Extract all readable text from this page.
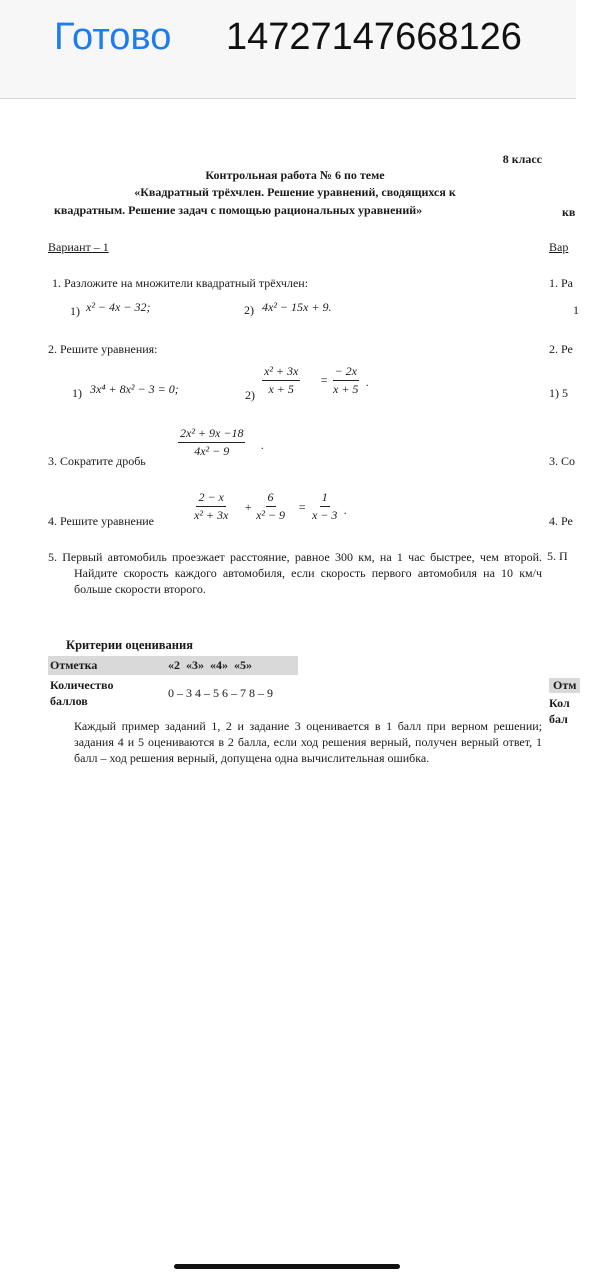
Готово 14727147668126
8 класс
Контрольная работа № 6 по теме
«Квадратный трёхчлен. Решение уравнений, сводящихся к
квадратным. Решение задач с помощью рациональных уравнений»
Вариант – 1
1. Разложите на множители квадратный трёхчлен:
1) x² − 4x − 32;	2) 4x² − 15x + 9.
2. Решите уравнения:
1) 3x⁴ + 8x² − 3 = 0;	$2) \frac{\text{x² + 3x}}{x + 5} = \frac{- 2x}{x + 5}$ .
3. Сократите дробь
$\frac{\text{2x² + 9x −18}}{\text{4x² − 9}}$ .
4. Решите уравнение	$\frac{2 - x}{\text{x² + 3x}} + \frac{6}{\text{x² − 9}} = \frac{1}{x - 3}$ .
5. Первый автомобиль проезжает расстояние, равное 300 км, на 1 час быстрее, чем второй. Найдите скорость каждого автомобиля, если скорость первого автомобиля на 10 км/ч больше скорости второго.
Критерии оценивания
Отметка	«2  «3»  «4»  «5»
Количество
баллов	0 – 3 4 – 5 6 – 7 8 – 9
Каждый пример заданий 1, 2 и задание 3 оценивается в 1 балл при верном решении; задания 4 и 5 оцениваются в 2 балла, если ход решения верный, получен верный ответ, 1 балл – ход решения верный, допущена одна вычислительная ошибка.
кв
Вар
1. Ра
1
2. Ре
1) 5
3. Со
4. Ре
5. П
Отм
Кол
бал
